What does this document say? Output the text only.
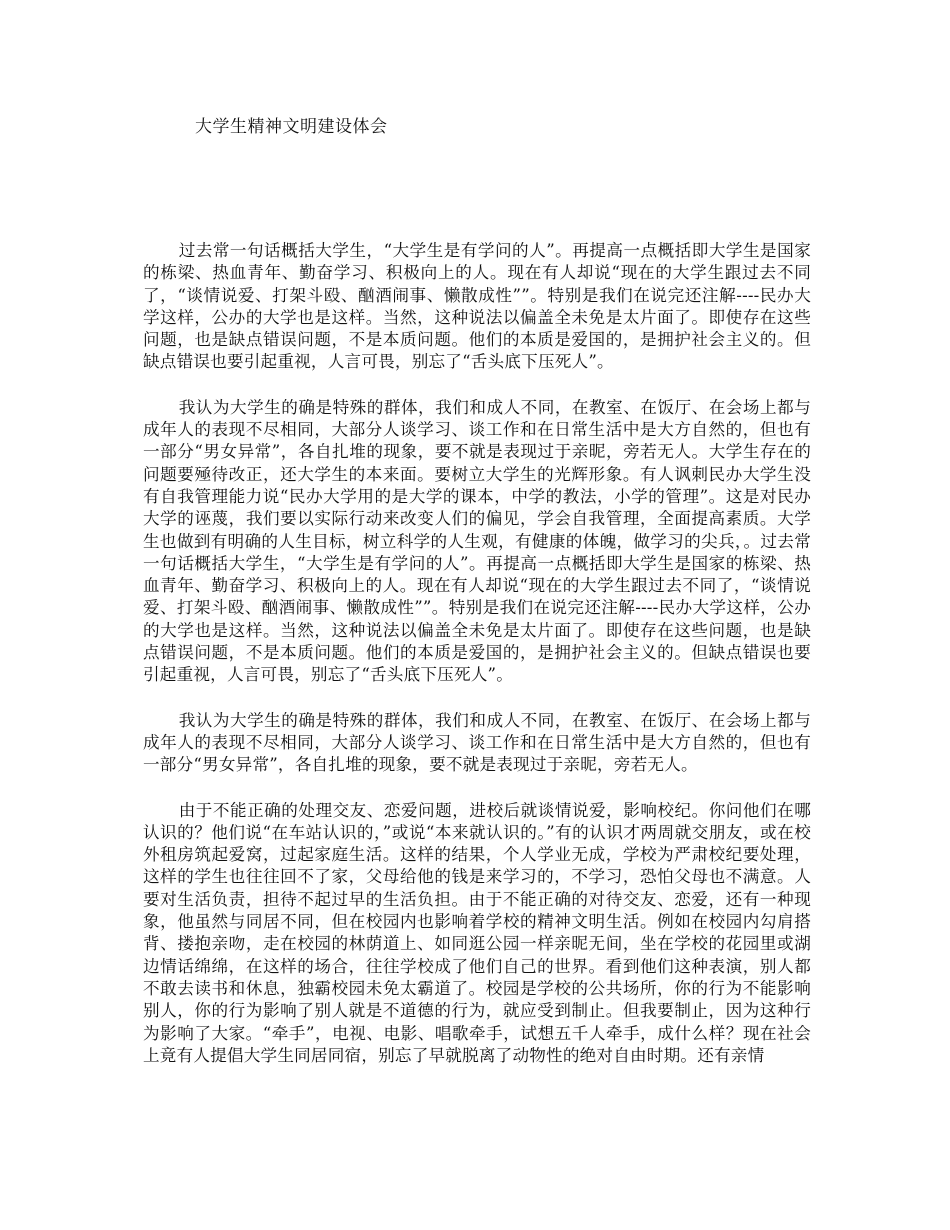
大学生精神文明建设体会

过去常一句话概括大学生，“大学生是有学问的人”。再提高一点概括即大学生是国家的栋梁、热血青年、勤奋学习、积极向上的人。现在有人却说“现在的大学生跟过去不同了，“谈情说爱、打架斗殴、酗酒闹事、懒散成性””。特别是我们在说完还注解----民办大学这样，公办的大学也是这样。当然，这种说法以偏盖全未免是太片面了。即使存在这些问题，也是缺点错误问题，不是本质问题。他们的本质是爱国的，是拥护社会主义的。但缺点错误也要引起重视，人言可畏，别忘了“舌头底下压死人”。

我认为大学生的确是特殊的群体，我们和成人不同，在教室、在饭厅、在会场上都与成年人的表现不尽相同，大部分人谈学习、谈工作和在日常生活中是大方自然的，但也有一部分“男女异常”，各自扎堆的现象，要不就是表现过于亲昵，旁若无人。大学生存在的问题要殛待改正，还大学生的本来面。要树立大学生的光辉形象。有人讽刺民办大学生没有自我管理能力说“民办大学用的是大学的课本，中学的教法，小学的管理”。这是对民办大学的诬蔑，我们要以实际行动来改变人们的偏见，学会自我管理，全面提高素质。大学生也做到有明确的人生目标，树立科学的人生观，有健康的体魄，做学习的尖兵，。过去常一句话概括大学生，“大学生是有学问的人”。再提高一点概括即大学生是国家的栋梁、热血青年、勤奋学习、积极向上的人。现在有人却说“现在的大学生跟过去不同了，“谈情说爱、打架斗殴、酗酒闹事、懒散成性””。特别是我们在说完还注解----民办大学这样，公办的大学也是这样。当然，这种说法以偏盖全未免是太片面了。即使存在这些问题，也是缺点错误问题，不是本质问题。他们的本质是爱国的，是拥护社会主义的。但缺点错误也要引起重视，人言可畏，别忘了“舌头底下压死人”。

我认为大学生的确是特殊的群体，我们和成人不同，在教室、在饭厅、在会场上都与成年人的表现不尽相同，大部分人谈学习、谈工作和在日常生活中是大方自然的，但也有一部分“男女异常”，各自扎堆的现象，要不就是表现过于亲昵，旁若无人。

由于不能正确的处理交友、恋爱问题，进校后就谈情说爱，影响校纪。你问他们在哪认识的？他们说“在车站认识的，”或说“本来就认识的。”有的认识才两周就交朋友，或在校外租房筑起爱窝，过起家庭生活。这样的结果，个人学业无成，学校为严肃校纪要处理，这样的学生也往往回不了家，父母给他的钱是来学习的，不学习，恐怕父母也不满意。人要对生活负责，担待不起过早的生活负担。由于不能正确的对待交友、恋爱，还有一种现象，他虽然与同居不同，但在校园内也影响着学校的精神文明生活。例如在校园内勾肩搭背、搂抱亲吻，走在校园的林荫道上、如同逛公园一样亲昵无间，坐在学校的花园里或湖边情话绵绵，在这样的场合，往往学校成了他们自己的世界。看到他们这种表演，别人都不敢去读书和休息，独霸校园未免太霸道了。校园是学校的公共场所，你的行为不能影响别人，你的行为影响了别人就是不道德的行为，就应受到制止。但我要制止，因为这种行为影响了大家。“牵手”，电视、电影、唱歌牵手，试想五千人牵手，成什么样？现在社会上竟有人提倡大学生同居同宿，别忘了早就脱离了动物性的绝对自由时期。还有亲情
